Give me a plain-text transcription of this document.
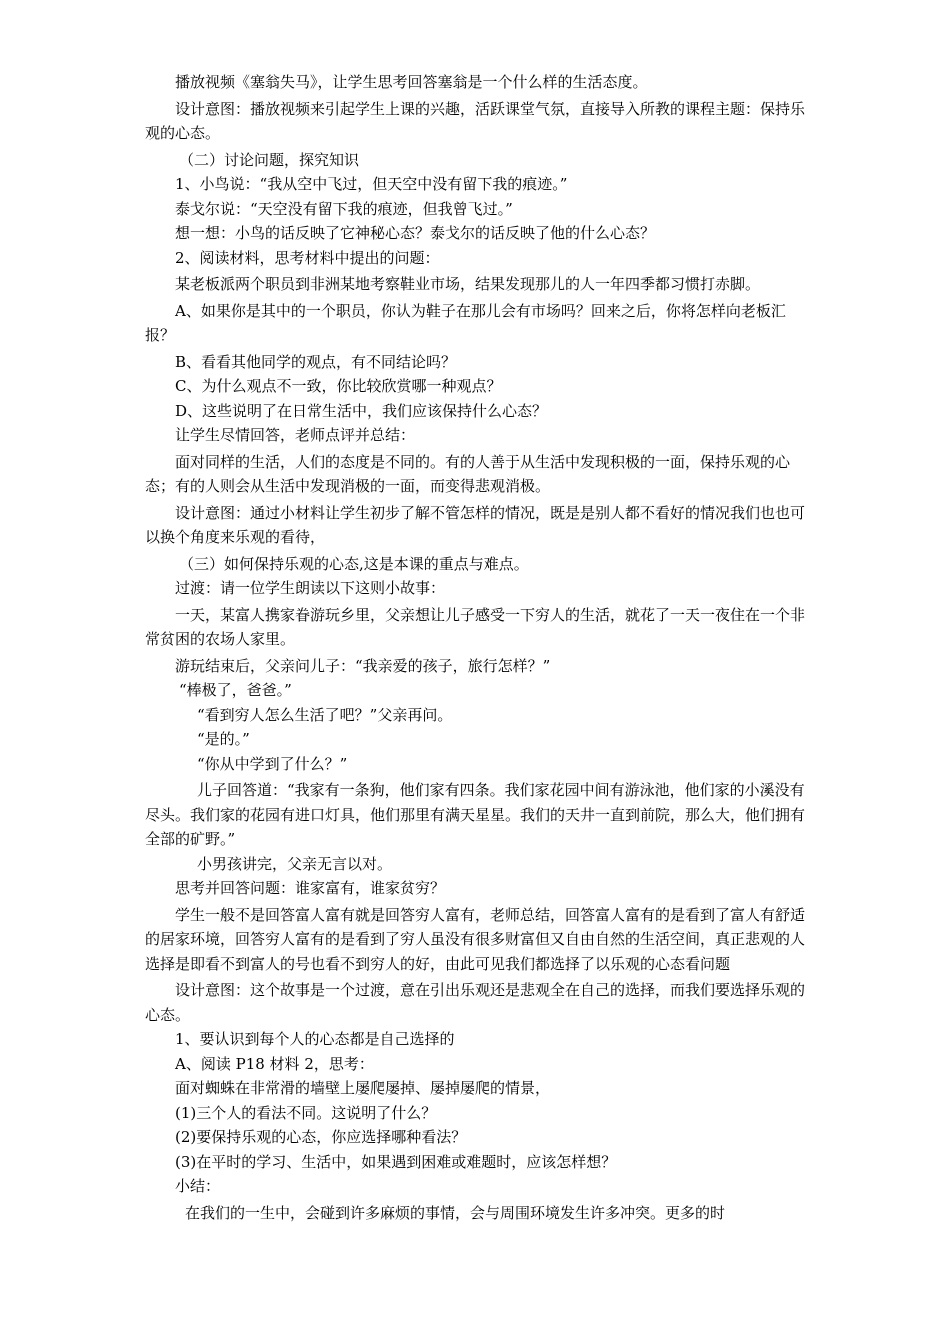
播放视频《塞翁失马》，让学生思考回答塞翁是一个什么样的生活态度。

设计意图：播放视频来引起学生上课的兴趣，活跃课堂气氛，直接导入所教的课程主题：保持乐观的心态。

（二）讨论问题，探究知识

1、小鸟说：“我从空中飞过，但天空中没有留下我的痕迹。”

泰戈尔说：“天空没有留下我的痕迹，但我曾飞过。”

想一想：小鸟的话反映了它神秘心态？泰戈尔的话反映了他的什么心态？

2、阅读材料，思考材料中提出的问题：

某老板派两个职员到非洲某地考察鞋业市场，结果发现那儿的人一年四季都习惯打赤脚。

A、如果你是其中的一个职员，你认为鞋子在那儿会有市场吗？回来之后，你将怎样向老板汇报？

B、看看其他同学的观点，有不同结论吗？

C、为什么观点不一致，你比较欣赏哪一种观点？

D、这些说明了在日常生活中，我们应该保持什么心态？

让学生尽情回答，老师点评并总结：

面对同样的生活，人们的态度是不同的。有的人善于从生活中发现积极的一面，保持乐观的心态；有的人则会从生活中发现消极的一面，而变得悲观消极。

设计意图：通过小材料让学生初步了解不管怎样的情况，既是是别人都不看好的情况我们也也可以换个角度来乐观的看待，

（三）如何保持乐观的心态,这是本课的重点与难点。

过渡：请一位学生朗读以下这则小故事：

一天，某富人携家眷游玩乡里，父亲想让儿子感受一下穷人的生活，就花了一天一夜住在一个非常贫困的农场人家里。

游玩结束后，父亲问儿子：“我亲爱的孩子，旅行怎样？”

“棒极了，爸爸。”

“看到穷人怎么生活了吧？”父亲再问。

“是的。”

“你从中学到了什么？”

儿子回答道：“我家有一条狗，他们家有四条。我们家花园中间有游泳池，他们家的小溪没有尽头。我们家的花园有进口灯具，他们那里有满天星星。我们的天井一直到前院，那么大，他们拥有全部的矿野。”

小男孩讲完，父亲无言以对。

思考并回答问题：谁家富有，谁家贫穷？

学生一般不是回答富人富有就是回答穷人富有，老师总结，回答富人富有的是看到了富人有舒适的居家环境，回答穷人富有的是看到了穷人虽没有很多财富但又自由自然的生活空间，真正悲观的人选择是即看不到富人的号也看不到穷人的好，由此可见我们都选择了以乐观的心态看问题

设计意图：这个故事是一个过渡，意在引出乐观还是悲观全在自己的选择，而我们要选择乐观的心态。

1、要认识到每个人的心态都是自己选择的

A、阅读 P18 材料 2，思考：

面对蜘蛛在非常滑的墙壁上屡爬屡掉、屡掉屡爬的情景，

(1)三个人的看法不同。这说明了什么？

(2)要保持乐观的心态，你应选择哪种看法？

(3)在平时的学习、生活中，如果遇到困难或难题时，应该怎样想？

小结：

在我们的一生中，会碰到许多麻烦的事情，会与周围环境发生许多冲突。更多的时
